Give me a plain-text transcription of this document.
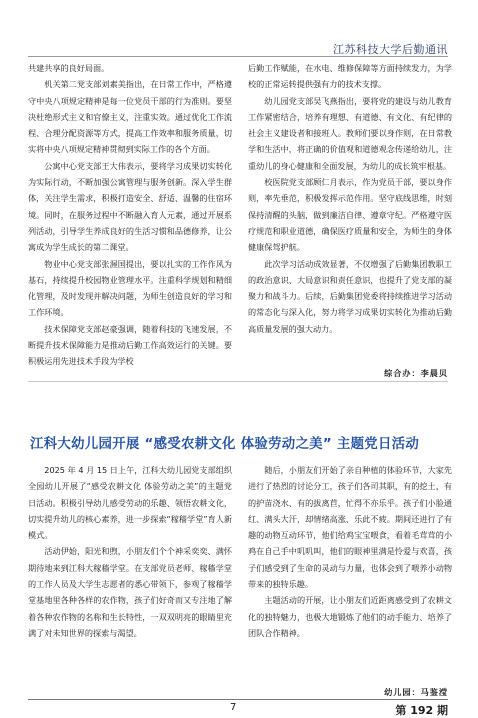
江苏科技大学后勤通讯

共建共享的良好局面。

机关第二党支部刘素美指出，在日常工作中，严格遵守中央八项规定精神是每一位党员干部的行为准则。要坚决杜绝形式主义和官僚主义，注重实效。通过优化工作流程、合理分配资源等方式，提高工作效率和服务质量，切实将中央八项规定精神贯彻到实际工作的各个方面。

公寓中心党支部王大伟表示，要将学习成果切实转化为实际行动，不断加强公寓管理与服务创新。深入学生群体，关注学生需求，积极打造安全、舒适、温馨的住宿环境。同时，在服务过程中不断融入育人元素，通过开展系列活动，引导学生养成良好的生活习惯和品德修养，让公寓成为学生成长的第二课堂。

物业中心党支部张渥国提出，要以扎实的工作作风为基石，持续提升校园物业管理水平。注重科学规划和精细化管理，及时发现并解决问题，为师生创造良好的学习和工作环境。

技术保障党支部赵豪强调，随着科技的飞速发展，不断提升技术保障能力是推动后勤工作高效运行的关键。要积极运用先进技术手段为学校

后勤工作赋能，在水电、维修保障等方面持续发力，为学校的正常运转提供强有力的技术支撑。

幼儿园党支部吴飞燕指出，要将党的建设与幼儿教育工作紧密结合，培养有理想、有道德、有文化、有纪律的社会主义建设者和接班人。教师们要以身作则，在日常教学和生活中，将正确的价值观和道德观念传递给幼儿，注重幼儿的身心健康和全面发展，为幼儿的成长筑牢根基。

校医院党支部顾仁月表示，作为党员干部，要以身作则，率先垂范，积极发挥示范作用。坚守底线思维，时刻保持清醒的头脑，做到廉洁自律、遵章守纪。严格遵守医疗规范和职业道德，确保医疗质量和安全，为师生的身体健康保驾护航。

此次学习活动成效显著，不仅增强了后勤集团教职工的政治意识、大局意识和责任意识，也提升了党支部的凝聚力和战斗力。后续，后勤集团党委将持续推进学习活动的常态化与深入化，努力将学习成果切实转化为推动后勤高质量发展的强大动力。

综合办：李晨贝
江科大幼儿园开展 “感受农耕文化 体验劳动之美” 主题党日活动

2025 年 4 月 15 日上午，江科大幼儿园党支部组织全园幼儿开展了“感受农耕文化 体验劳动之美”的主题党日活动。积极引导幼儿感受劳动的乐趣、领悟农耕文化，切实提升幼儿的核心素养，进一步探索“稼穑学堂”育人新模式。

活动伊始，阳光和煦，小朋友们个个神采奕奕、满怀期待地来到江科大稼穑学堂。在支部党员老师、稼穑学堂的工作人员及大学生志愿者的悉心带领下，参观了稼穑学堂基地里各种各样的农作物，孩子们好奇而又专注地了解着各种农作物的名称和生长特性，一双双明亮的眼睛里充满了对未知世界的探索与渴望。

随后，小朋友们开始了亲自种植的体验环节，大家先进行了热烈的讨论分工，孩子们各司其职，有的挖土，有的护苗浇水、有的拔离苣，忙得不亦乐乎。孩子们小脸通红、满头大汗，却情绪高涨、乐此不疲。期间还进行了有趣的动物互动环节，他们给鸡宝宝喂食，看着毛茸茸的小鸡在自己手中叽叽叫，他们的眼神里满是怜爱与欢喜，孩子们感受到了生命的灵动与力量，也体会到了喂养小动物带来的独特乐趣。

主题活动的开展，让小朋友们近距离感受到了农耕文化的独特魅力，也极大地锻炼了他们的动手能力、培养了团队合作精神。

幼儿园：马鉴滢
7	第 192 期
